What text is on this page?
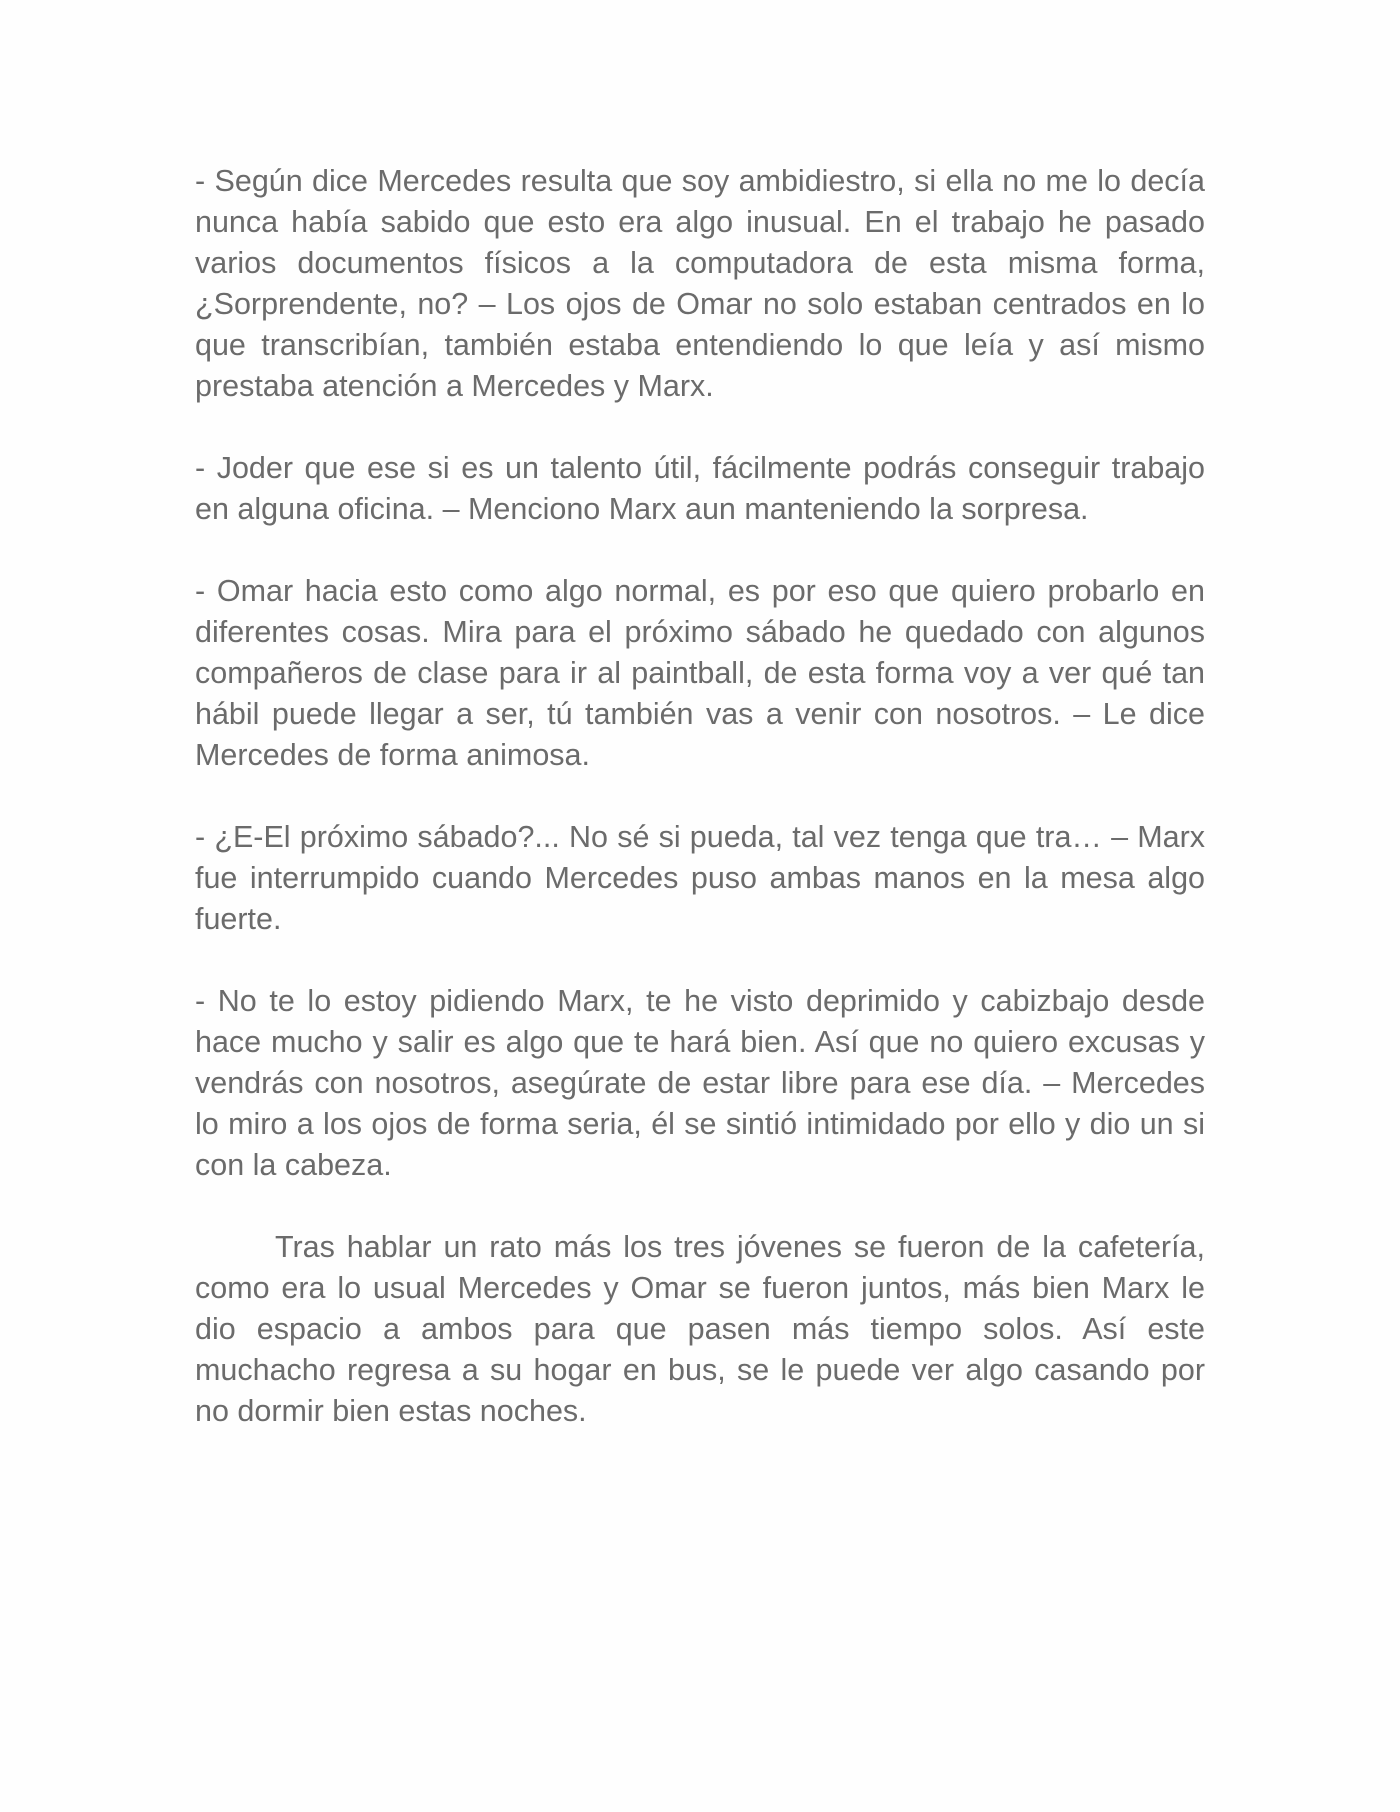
- Según dice Mercedes resulta que soy ambidiestro, si ella no me lo decía nunca había sabido que esto era algo inusual. En el trabajo he pasado varios documentos físicos a la computadora de esta misma forma, ¿Sorprendente, no? – Los ojos de Omar no solo estaban centrados en lo que transcribían, también estaba entendiendo lo que leía y así mismo prestaba atención a Mercedes y Marx.

- Joder que ese si es un talento útil, fácilmente podrás conseguir trabajo en alguna oficina. – Menciono Marx aun manteniendo la sorpresa.

- Omar hacia esto como algo normal, es por eso que quiero probarlo en diferentes cosas. Mira para el próximo sábado he quedado con algunos compañeros de clase para ir al paintball, de esta forma voy a ver qué tan hábil puede llegar a ser, tú también vas a venir con nosotros. – Le dice Mercedes de forma animosa.

- ¿E-El próximo sábado?... No sé si pueda, tal vez tenga que tra… – Marx fue interrumpido cuando Mercedes puso ambas manos en la mesa algo fuerte.

- No te lo estoy pidiendo Marx, te he visto deprimido y cabizbajo desde hace mucho y salir es algo que te hará bien. Así que no quiero excusas y vendrás con nosotros, asegúrate de estar libre para ese día. – Mercedes lo miro a los ojos de forma seria, él se sintió intimidado por ello y dio un si con la cabeza.

Tras hablar un rato más los tres jóvenes se fueron de la cafetería, como era lo usual Mercedes y Omar se fueron juntos, más bien Marx le dio espacio a ambos para que pasen más tiempo solos. Así este muchacho regresa a su hogar en bus, se le puede ver algo casando por no dormir bien estas noches.
